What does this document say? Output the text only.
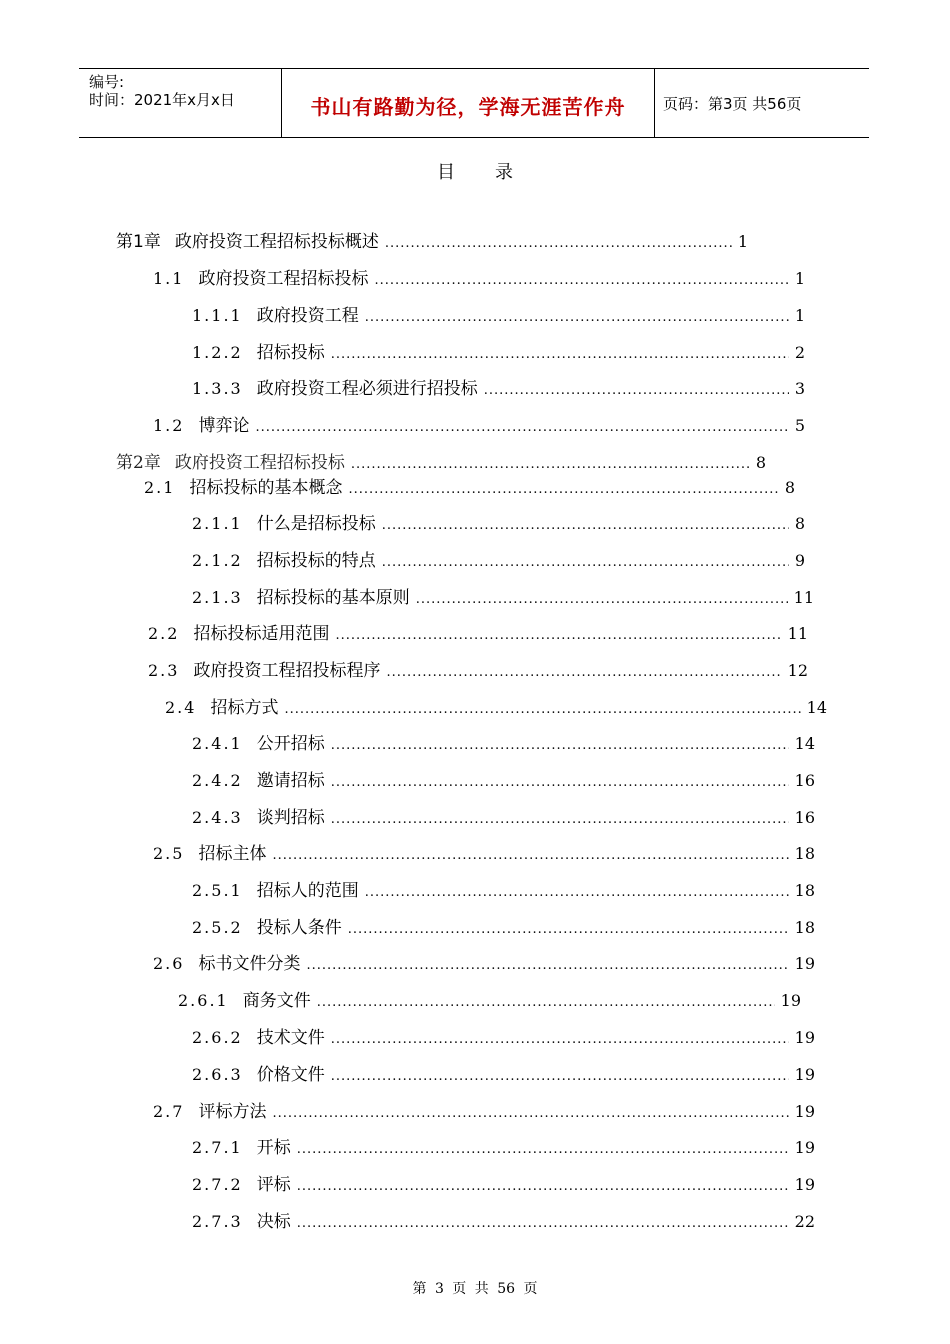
编号:
时间：2021年x月x日	书山有路勤为径，学海无涯苦作舟	页码：第3页 共56页
目录
第1章 政府投资工程招标投标概述 .....	1
1.1 政府投资工程招标投标 .....	1
1.1.1 政府投资工程 .....	1
1.2.2 招标投标 .....	2
1.3.3 政府投资工程必须进行招投标 .....	3
1.2 博弈论 .....	5
第2章 政府投资工程招标投标 .....	8
2.1 招标投标的基本概念 .....	8
2.1.1 什么是招标投标 .....	8
2.1.2 招标投标的特点 .....	9
2.1.3 招标投标的基本原则 .....	11
2.2 招标投标适用范围 .....	11
2.3 政府投资工程招投标程序 .....	12
2.4 招标方式 .....	14
2.4.1 公开招标 .....	14
2.4.2 邀请招标 .....	16
2.4.3 谈判招标 .....	16
2.5 招标主体 .....	18
2.5.1 招标人的范围 .....	18
2.5.2 投标人条件 .....	18
2.6 标书文件分类 .....	19
2.6.1 商务文件 .....	19
2.6.2 技术文件 .....	19
2.6.3 价格文件 .....	19
2.7 评标方法 .....	19
2.7.1 开标 .....	19
2.7.2 评标 .....	19
2.7.3 决标 .....	22
第 3 页 共 56 页
